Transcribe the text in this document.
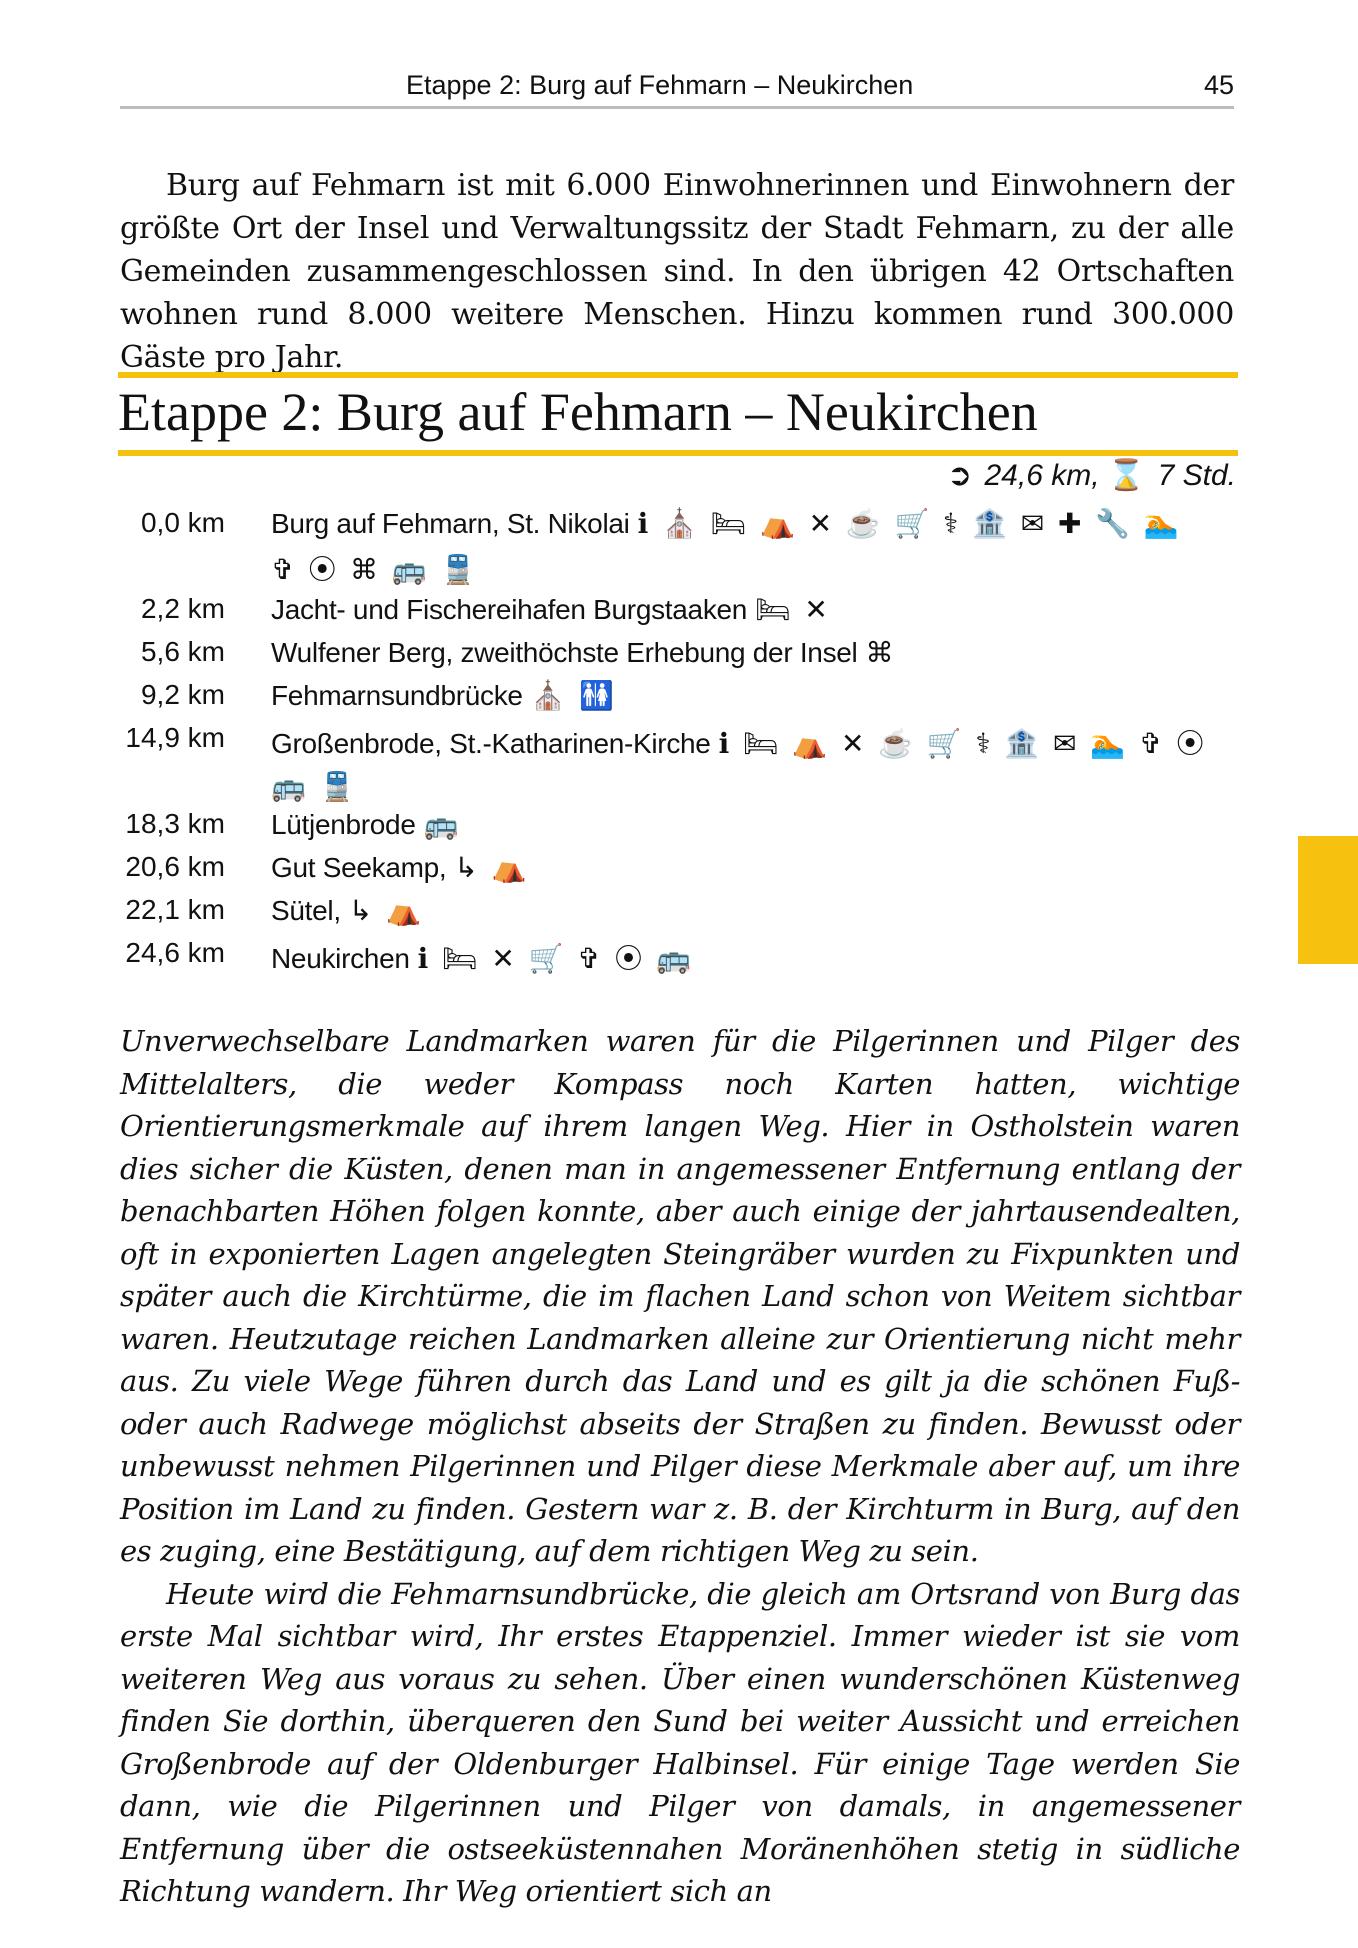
Etappe 2: Burg auf Fehmarn – Neukirchen	45

Burg auf Fehmarn ist mit 6.000 Einwohnerinnen und Einwohnern der größte Ort der Insel und Verwaltungssitz der Stadt Fehmarn, zu der alle Gemeinden zusammengeschlossen sind. In den übrigen 42 Ortschaften wohnen rund 8.000 weitere Menschen. Hinzu kommen rund 300.000 Gäste pro Jahr.

Etappe 2: Burg auf Fehmarn – Neukirchen
➲ 24,6 km, ⌛ 7 Std.
0,0 km Burg auf Fehmarn, St. Nikolai ℹ ⛪ 🛏 ⛺ ✕ ☕ 🛒 ⚕ 🏦 ✉ ✚ 🔧 🏊
✞ ⦿ ⌘ 🚌 🚆
2,2 km Jacht- und Fischereihafen Burgstaaken 🛏 ✕
5,6 km Wulfener Berg, zweithöchste Erhebung der Insel ⌘
9,2 km Fehmarnsundbrücke ⛪ 🚻
14,9 km Großenbrode, St.-Katharinen-Kirche ℹ 🛏 ⛺ ✕ ☕ 🛒 ⚕ 🏦 ✉ 🏊 ✞ ⦿
🚌 🚆
18,3 km Lütjenbrode 🚌
20,6 km Gut Seekamp, ↳ ⛺
22,1 km Sütel, ↳ ⛺
24,6 km Neukirchen ℹ 🛏 ✕ 🛒 ✞ ⦿ 🚌

Unverwechselbare Landmarken waren für die Pilgerinnen und Pilger des Mittelalters, die weder Kompass noch Karten hatten, wichtige Orientierungsmerkmale auf ihrem langen Weg. Hier in Ostholstein waren dies sicher die Küsten, denen man in angemessener Entfernung entlang der benachbarten Höhen folgen konnte, aber auch einige der jahrtausendealten, oft in exponierten Lagen angelegten Steingräber wurden zu Fixpunkten und später auch die Kirchtürme, die im flachen Land schon von Weitem sichtbar waren. Heutzutage reichen Landmarken alleine zur Orientierung nicht mehr aus. Zu viele Wege führen durch das Land und es gilt ja die schönen Fuß- oder auch Radwege möglichst abseits der Straßen zu finden. Bewusst oder unbewusst nehmen Pilgerinnen und Pilger diese Merkmale aber auf, um ihre Position im Land zu finden. Gestern war z. B. der Kirchturm in Burg, auf den es zuging, eine Bestätigung, auf dem richtigen Weg zu sein.

Heute wird die Fehmarnsundbrücke, die gleich am Ortsrand von Burg das erste Mal sichtbar wird, Ihr erstes Etappenziel. Immer wieder ist sie vom weiteren Weg aus voraus zu sehen. Über einen wunderschönen Küstenweg finden Sie dorthin, überqueren den Sund bei weiter Aussicht und erreichen Großenbrode auf der Oldenburger Halbinsel. Für einige Tage werden Sie dann, wie die Pilgerinnen und Pilger von damals, in angemessener Entfernung über die ostseeküstennahen Moränenhöhen stetig in südliche Richtung wandern. Ihr Weg orientiert sich an
